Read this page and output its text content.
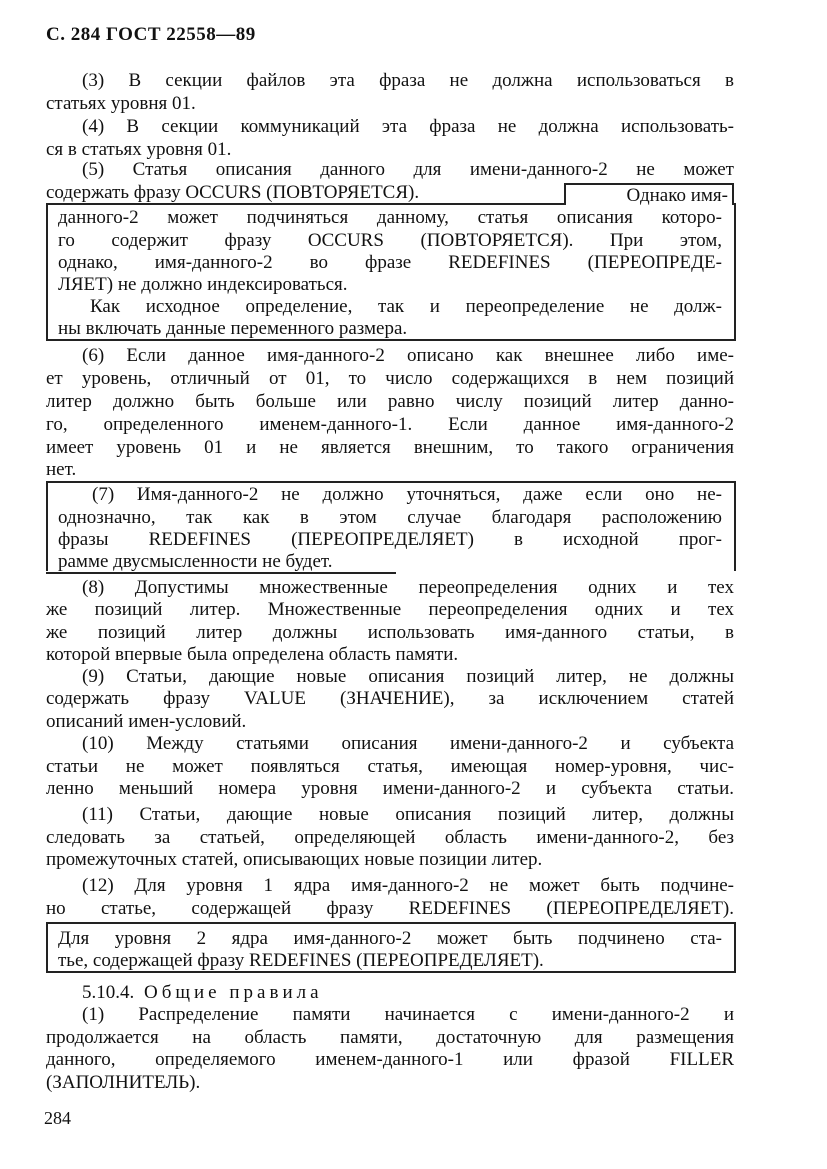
С. 284 ГОСТ 22558—89
(3) В секции файлов эта фраза не должна использоваться в
статьях уровня 01.
(4) В секции коммуникаций эта фраза не должна использовать-
ся в статьях уровня 01.
(5) Статья описания данного для имени-данного-2 не может
содержать фразу OCCURS (ПОВТОРЯЕТСЯ).	Однако имя-
данного-2 может подчиняться данному, статья описания которо-
го содержит фразу OCCURS (ПОВТОРЯЕТСЯ). При этом,
однако, имя-данного-2 во фразе REDEFINES (ПЕРЕОПРЕДЕ-
ЛЯЕТ) не должно индексироваться.
Как исходное определение, так и переопределение не долж-
ны включать данные переменного размера.
(6) Если данное имя-данного-2 описано как внешнее либо име-
ет уровень, отличный от 01, то число содержащихся в нем позиций
литер должно быть больше или равно числу позиций литер данно-
го, определенного именем-данного-1. Если данное имя-данного-2
имеет уровень 01 и не является внешним, то такого ограничения
нет.
(7) Имя-данного-2 не должно уточняться, даже если оно не-
однозначно, так как в этом случае благодаря расположению
фразы REDEFINES (ПЕРЕОПРЕДЕЛЯЕТ) в исходной прог-
рамме двусмысленности не будет.
(8) Допустимы множественные переопределения одних и тех
же позиций литер. Множественные переопределения одних и тех
же позиций литер должны использовать имя-данного статьи, в
которой впервые была определена область памяти.
(9) Статьи, дающие новые описания позиций литер, не должны
содержать фразу VALUE (ЗНАЧЕНИЕ), за исключением статей
описаний имен-условий.
(10) Между статьями описания имени-данного-2 и субъекта
статьи не может появляться статья, имеющая номер-уровня, чис-
ленно меньший номера уровня имени-данного-2 и субъекта статьи.
(11) Статьи, дающие новые описания позиций литер, должны
следовать за статьей, определяющей область имени-данного-2, без
промежуточных статей, описывающих новые позиции литер.
(12) Для уровня 1 ядра имя-данного-2 не может быть подчине-
но статье, содержащей фразу REDEFINES (ПЕРЕОПРЕДЕЛЯЕТ).
Для уровня 2 ядра имя-данного-2 может быть подчинено ста-
тье, содержащей фразу REDEFINES (ПЕРЕОПРЕДЕЛЯЕТ).
5.10.4. Общие правила
(1) Распределение памяти начинается с имени-данного-2 и
продолжается на область памяти, достаточную для размещения
данного, определяемого именем-данного-1 или фразой FILLER
(ЗАПОЛНИТЕЛЬ).
284
